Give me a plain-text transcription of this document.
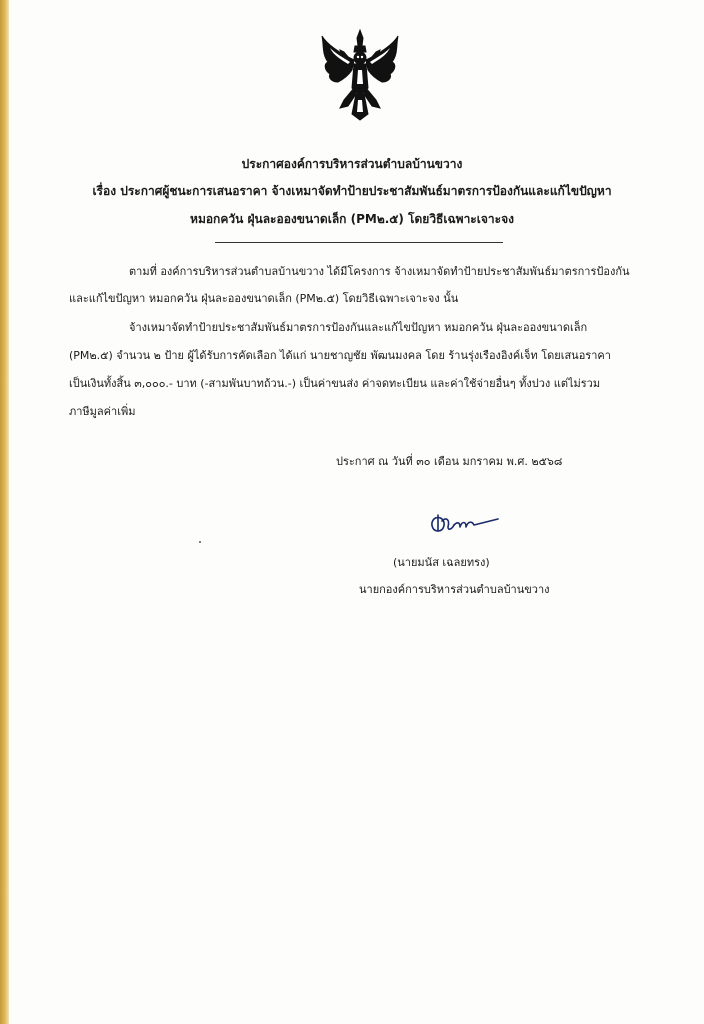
ประกาศองค์การบริหารส่วนตำบลบ้านขวาง
เรื่อง ประกาศผู้ชนะการเสนอราคา จ้างเหมาจัดทำป้ายประชาสัมพันธ์มาตรการป้องกันและแก้ไขปัญหา
หมอกควัน ฝุ่นละอองขนาดเล็ก (PM๒.๕) โดยวิธีเฉพาะเจาะจง
ตามที่ องค์การบริหารส่วนตำบลบ้านขวาง ได้มีโครงการ จ้างเหมาจัดทำป้ายประชาสัมพันธ์มาตรการป้องกัน
และแก้ไขปัญหา หมอกควัน ฝุ่นละอองขนาดเล็ก (PM๒.๕) โดยวิธีเฉพาะเจาะจง นั้น
จ้างเหมาจัดทำป้ายประชาสัมพันธ์มาตรการป้องกันและแก้ไขปัญหา หมอกควัน ฝุ่นละอองขนาดเล็ก
(PM๒.๕) จำนวน ๒ ป้าย ผู้ได้รับการคัดเลือก ได้แก่ นายชาญชัย พัฒนมงคล โดย ร้านรุ่งเรืองอิงค์เจ็ท โดยเสนอราคา
เป็นเงินทั้งสิ้น ๓,๐๐๐.- บาท (-สามพันบาทถ้วน.-) เป็นค่าขนส่ง ค่าจดทะเบียน และค่าใช้จ่ายอื่นๆ ทั้งปวง แต่ไม่รวม
ภาษีมูลค่าเพิ่ม
ประกาศ ณ วันที่ ๓๐ เดือน มกราคม พ.ศ. ๒๕๖๘
(นายมนัส เฉลยทรง)
นายกองค์การบริหารส่วนตำบลบ้านขวาง
